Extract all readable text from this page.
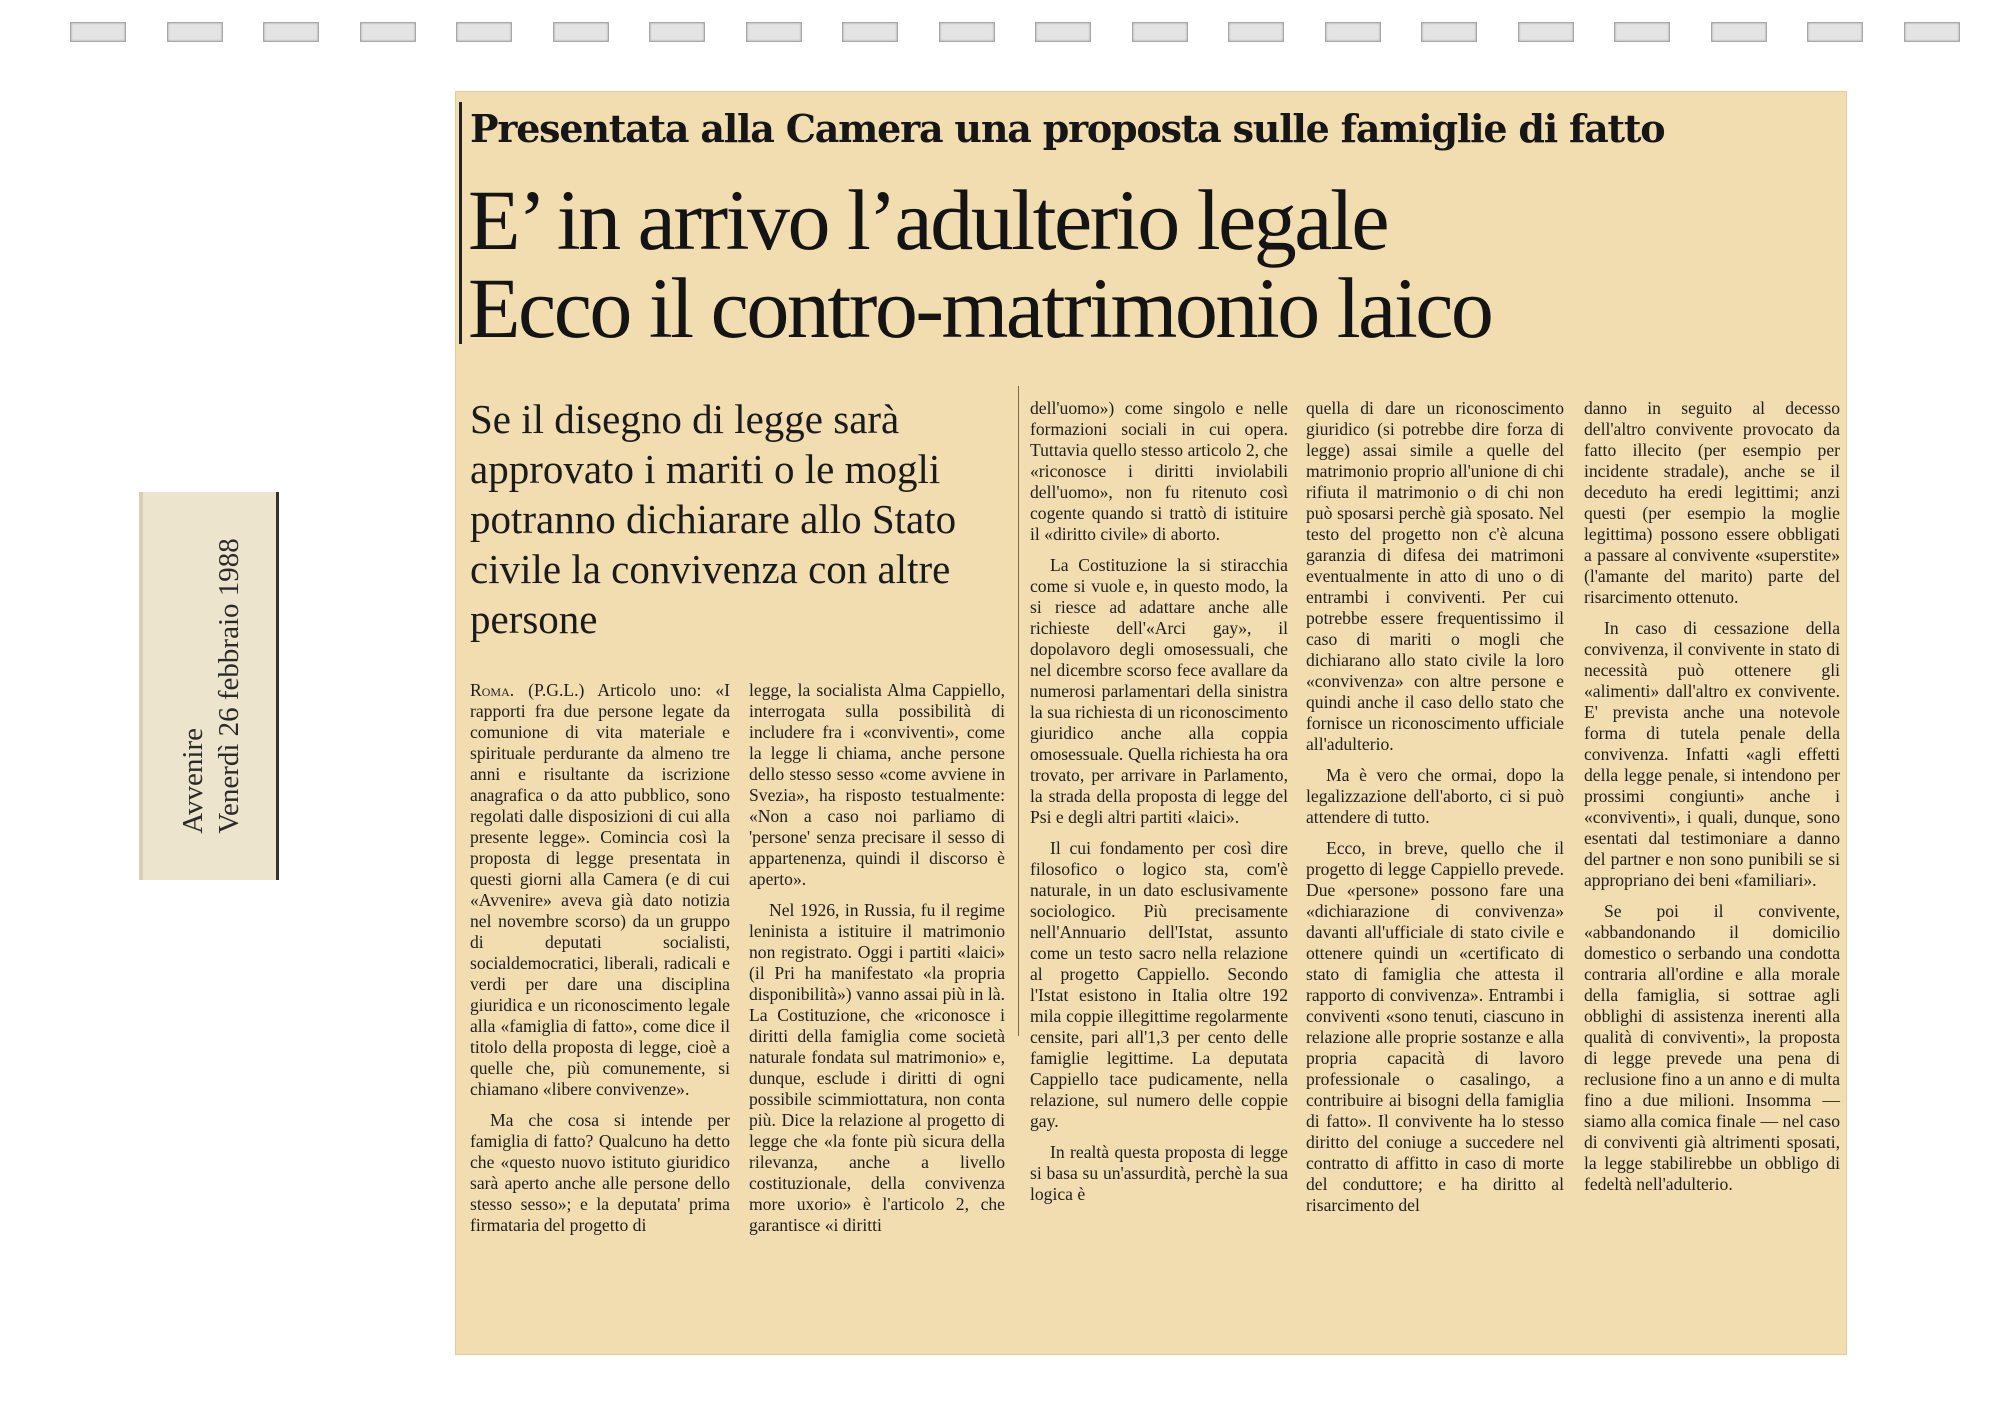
Avvenire Venerdì 26 febbraio 1988
Presentata alla Camera una proposta sulle famiglie di fatto
E’ in arrivo l’adulterio legale
Ecco il contro-matrimonio laico
Se il disegno di legge sarà approvato i mariti o le mogli potranno dichiarare allo Stato civile la convivenza con altre persone

Roma. (P.G.L.) Articolo uno: «I rapporti fra due persone legate da comunione di vita materiale e spirituale perdurante da almeno tre anni e risultante da iscrizione anagrafica o da atto pubblico, sono regolati dalle disposizioni di cui alla presente legge». Comincia così la proposta di legge presentata in questi giorni alla Camera (e di cui «Avvenire» aveva già dato notizia nel novembre scorso) da un gruppo di deputati socialisti, socialdemocratici, liberali, radicali e verdi per dare una disciplina giuridica e un riconoscimento legale alla «famiglia di fatto», come dice il titolo della proposta di legge, cioè a quelle che, più comunemente, si chiamano «libere convivenze».

Ma che cosa si intende per famiglia di fatto? Qualcuno ha detto che «questo nuovo istituto giuridico sarà aperto anche alle persone dello stesso sesso»; e la deputata' prima firmataria del progetto di

legge, la socialista Alma Cappiello, interrogata sulla possibilità di includere fra i «conviventi», come la legge li chiama, anche persone dello stesso sesso «come avviene in Svezia», ha risposto testualmente: «Non a caso noi parliamo di 'persone' senza precisare il sesso di appartenenza, quindi il discorso è aperto».

Nel 1926, in Russia, fu il regime leninista a istituire il matrimonio non registrato. Oggi i partiti «laici» (il Pri ha manifestato «la propria disponibilità») vanno assai più in là. La Costituzione, che «riconosce i diritti della famiglia come società naturale fondata sul matrimonio» e, dunque, esclude i diritti di ogni possibile scimmiottatura, non conta più. Dice la relazione al progetto di legge che «la fonte più sicura della rilevanza, anche a livello costituzionale, della convivenza more uxorio» è l'articolo 2, che garantisce «i diritti

dell'uomo») come singolo e nelle formazioni sociali in cui opera. Tuttavia quello stesso articolo 2, che «riconosce i diritti inviolabili dell'uomo», non fu ritenuto così cogente quando si trattò di istituire il «diritto civile» di aborto.

La Costituzione la si stiracchia come si vuole e, in questo modo, la si riesce ad adattare anche alle richieste dell'«Arci gay», il dopolavoro degli omosessuali, che nel dicembre scorso fece avallare da numerosi parlamentari della sinistra la sua richiesta di un riconoscimento giuridico anche alla coppia omosessuale. Quella richiesta ha ora trovato, per arrivare in Parlamento, la strada della proposta di legge del Psi e degli altri partiti «laici».

Il cui fondamento per così dire filosofico o logico sta, com'è naturale, in un dato esclusivamente sociologico. Più precisamente nell'Annuario dell'Istat, assunto come un testo sacro nella relazione al progetto Cappiello. Secondo l'Istat esistono in Italia oltre 192 mila coppie illegittime regolarmente censite, pari all'1,3 per cento delle famiglie legittime. La deputata Cappiello tace pudicamente, nella relazione, sul numero delle coppie gay.

In realtà questa proposta di legge si basa su un'assurdità, perchè la sua logica è

quella di dare un riconoscimento giuridico (si potrebbe dire forza di legge) assai simile a quelle del matrimonio proprio all'unione di chi rifiuta il matrimonio o di chi non può sposarsi perchè già sposato. Nel testo del progetto non c'è alcuna garanzia di difesa dei matrimoni eventualmente in atto di uno o di entrambi i conviventi. Per cui potrebbe essere frequentissimo il caso di mariti o mogli che dichiarano allo stato civile la loro «convivenza» con altre persone e quindi anche il caso dello stato che fornisce un riconoscimento ufficiale all'adulterio.

Ma è vero che ormai, dopo la legalizzazione dell'aborto, ci si può attendere di tutto.

Ecco, in breve, quello che il progetto di legge Cappiello prevede. Due «persone» possono fare una «dichiarazione di convivenza» davanti all'ufficiale di stato civile e ottenere quindi un «certificato di stato di famiglia che attesta il rapporto di convivenza». Entrambi i conviventi «sono tenuti, ciascuno in relazione alle proprie sostanze e alla propria capacità di lavoro professionale o casalingo, a contribuire ai bisogni della famiglia di fatto». Il convivente ha lo stesso diritto del coniuge a succedere nel contratto di affitto in caso di morte del conduttore; e ha diritto al risarcimento del

danno in seguito al decesso dell'altro convivente provocato da fatto illecito (per esempio per incidente stradale), anche se il deceduto ha eredi legittimi; anzi questi (per esempio la moglie legittima) possono essere obbligati a passare al convivente «superstite» (l'amante del marito) parte del risarcimento ottenuto.

In caso di cessazione della convivenza, il convivente in stato di necessità può ottenere gli «alimenti» dall'altro ex convivente. E' prevista anche una notevole forma di tutela penale della convivenza. Infatti «agli effetti della legge penale, si intendono per prossimi congiunti» anche i «conviventi», i quali, dunque, sono esentati dal testimoniare a danno del partner e non sono punibili se si appropriano dei beni «familiari».

Se poi il convivente, «abbandonando il domicilio domestico o serbando una condotta contraria all'ordine e alla morale della famiglia, si sottrae agli obblighi di assistenza inerenti alla qualità di conviventi», la proposta di legge prevede una pena di reclusione fino a un anno e di multa fino a due milioni. Insomma — siamo alla comica finale — nel caso di conviventi già altrimenti sposati, la legge stabilirebbe un obbligo di fedeltà nell'adulterio.
